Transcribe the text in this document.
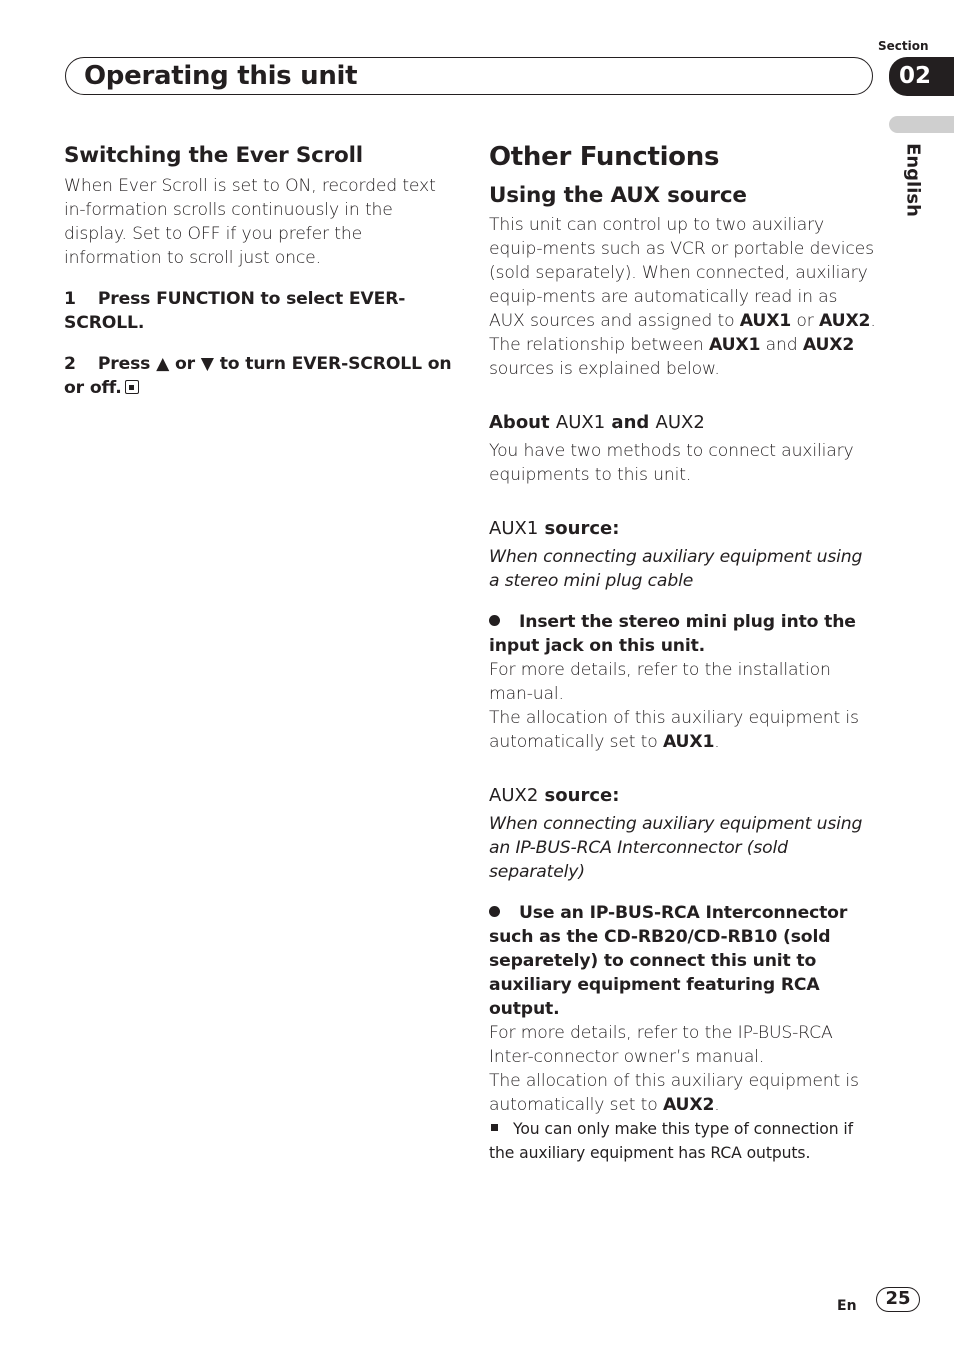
Section
Operating this unit	02
English
Switching the Ever Scroll

When Ever Scroll is set to ON, recorded text in-formation scrolls continuously in the display. Set to OFF if you prefer the information to scroll just once.

1 Press FUNCTION to select EVER-SCROLL.

2 Press ▲ or ▼ to turn EVER-SCROLL on or off.

Other Functions
Using the AUX source

This unit can control up to two auxiliary equip-ments such as VCR or portable devices (sold separately). When connected, auxiliary equip-ments are automatically read in as AUX sources and assigned to AUX1 or AUX2. The relationship between AUX1 and AUX2 sources is explained below.

About AUX1 and AUX2

You have two methods to connect auxiliary equipments to this unit.

AUX1 source:

When connecting auxiliary equipment using a stereo mini plug cable

Insert the stereo mini plug into the input jack on this unit.

For more details, refer to the installation man-ual.

The allocation of this auxiliary equipment is automatically set to AUX1.

AUX2 source:

When connecting auxiliary equipment using an IP-BUS-RCA Interconnector (sold separately)

Use an IP-BUS-RCA Interconnector such as the CD-RB20/CD-RB10 (sold separetely) to connect this unit to auxiliary equipment featuring RCA output.

For more details, refer to the IP-BUS-RCA Inter-connector owner’s manual.

The allocation of this auxiliary equipment is automatically set to AUX2.

You can only make this type of connection if the auxiliary equipment has RCA outputs.

En	25
